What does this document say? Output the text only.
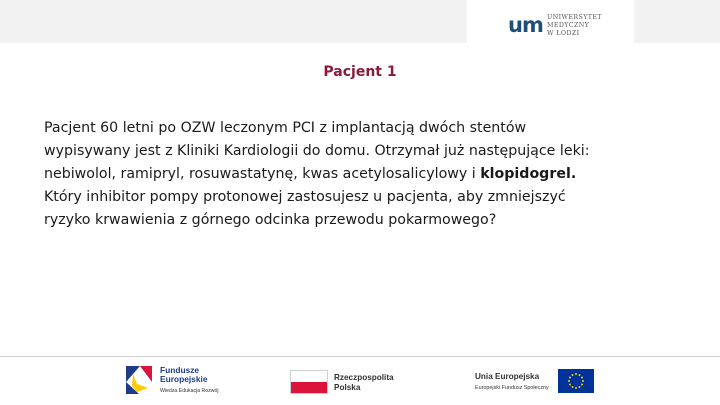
um UNIWERSYTET
MEDYCZNY
W ŁODZI
Pacjent 1
Pacjent 60 letni po OZW leczonym PCI z implantacją dwóch stentów
wypisywany jest z Kliniki Kardiologii do domu. Otrzymał już następujące leki:
nebiwolol, ramipryl, rosuwastatynę, kwas acetylosalicylowy i klopidogrel.
Który inhibitor pompy protonowej zastosujesz u pacjenta, aby zmniejszyć
ryzyko krwawienia z górnego odcinka przewodu pokarmowego?
Fundusze
Europejskie
Wiedza Edukacja Rozwój
Rzeczpospolita
Polska
Unia Europejska
Europejski Fundusz Społeczny
